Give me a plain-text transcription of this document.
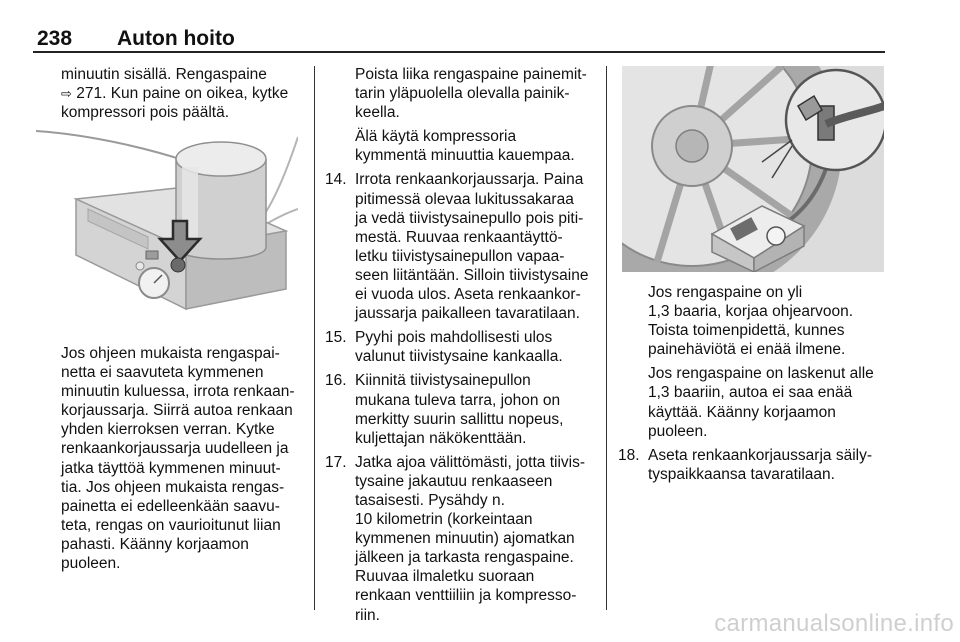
238 Auton hoito
minuutin sisällä. Rengaspaine
⇨ 271. Kun paine on oikea, kytke
kompressori pois päältä.
Jos ohjeen mukaista rengaspai-
netta ei saavuteta kymmenen
minuutin kuluessa, irrota renkaan-
korjaussarja. Siirrä autoa renkaan
yhden kierroksen verran. Kytke
renkaankorjaussarja uudelleen ja
jatka täyttöä kymmenen minuut-
tia. Jos ohjeen mukaista rengas-
painetta ei edelleenkään saavu-
teta, rengas on vaurioitunut liian
pahasti. Käänny korjaamon
puoleen.

Poista liika rengaspaine painemit-
tarin yläpuolella olevalla painik-
keella.

Älä käytä kompressoria
kymmentä minuuttia kauempaa.

14. Irrota renkaankorjaussarja. Paina
pitimessä olevaa lukitussakaraa
ja vedä tiivistysainepullo pois piti-
mestä. Ruuvaa renkaantäyttö-
letku tiivistysainepullon vapaa-
seen liitäntään. Silloin tiivistysaine
ei vuoda ulos. Aseta renkaankor-
jaussarja paikalleen tavaratilaan.
15. Pyyhi pois mahdollisesti ulos
valunut tiivistysaine kankaalla.
16. Kiinnitä tiivistysainepullon
mukana tuleva tarra, johon on
merkitty suurin sallittu nopeus,
kuljettajan näkökenttään.
17. Jatka ajoa välittömästi, jotta tiivis-
tysaine jakautuu renkaaseen
tasaisesti. Pysähdy n.
10 kilometrin (korkeintaan
kymmenen minuutin) ajomatkan
jälkeen ja tarkasta rengaspaine.
Ruuvaa ilmaletku suoraan
renkaan venttiiliin ja kompresso-
riin.

Jos rengaspaine on yli
1,3 baaria, korjaa ohjearvoon.
Toista toimenpidettä, kunnes
painehäviötä ei enää ilmene.

Jos rengaspaine on laskenut alle
1,3 baariin, autoa ei saa enää
käyttää. Käänny korjaamon
puoleen.

18. Aseta renkaankorjaussarja säily-
tyspaikkaansa tavaratilaan.
carmanualsonline.info
